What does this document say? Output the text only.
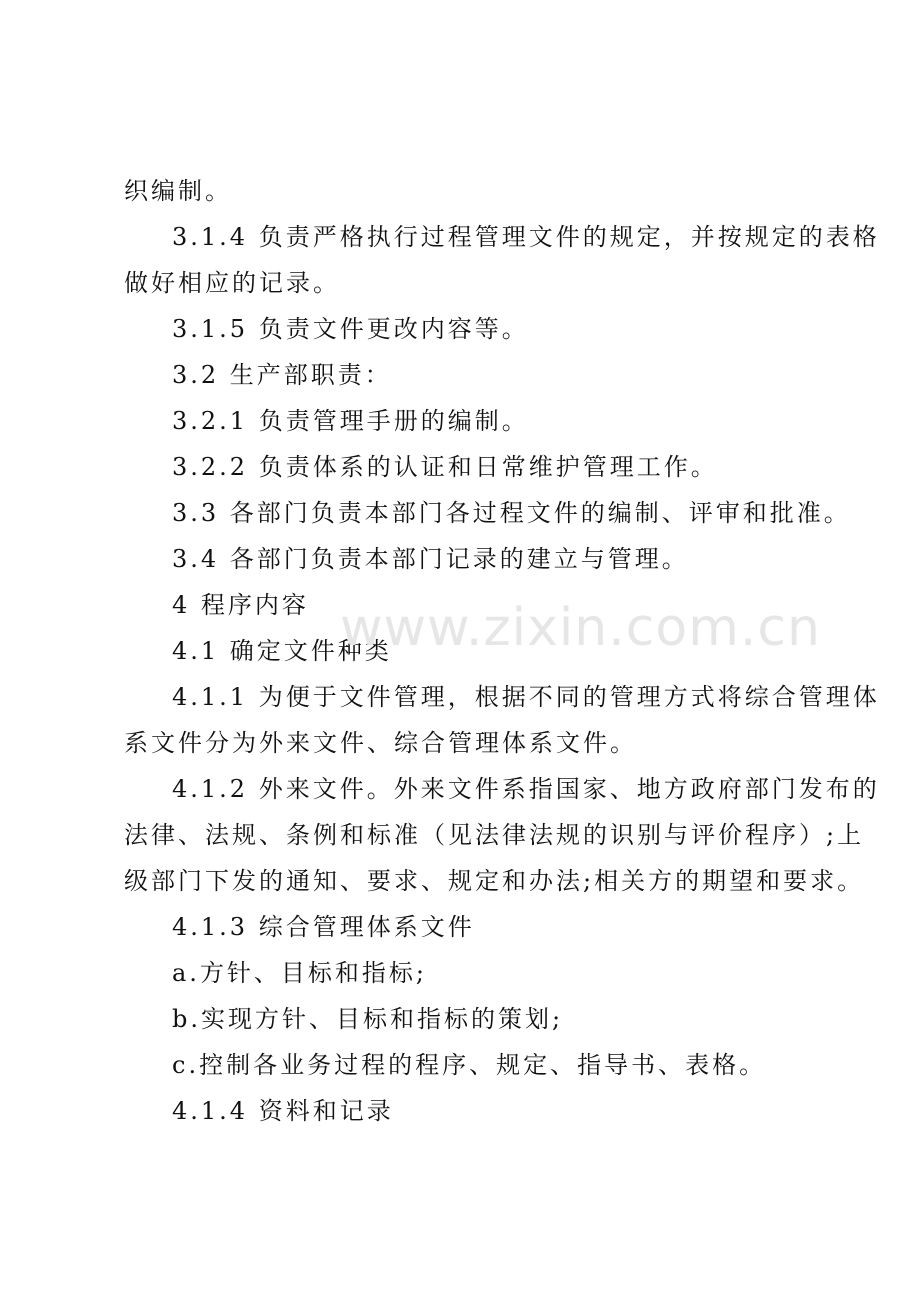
织编制。
3.1.4 负责严格执行过程管理文件的规定，并按规定的表格
做好相应的记录。
3.1.5 负责文件更改内容等。
3.2 生产部职责：
3.2.1 负责管理手册的编制。
3.2.2 负责体系的认证和日常维护管理工作。
3.3 各部门负责本部门各过程文件的编制、评审和批准。
3.4 各部门负责本部门记录的建立与管理。
4 程序内容
4.1 确定文件种类
4.1.1 为便于文件管理，根据不同的管理方式将综合管理体
系文件分为外来文件、综合管理体系文件。
4.1.2 外来文件。外来文件系指国家、地方政府部门发布的
法律、法规、条例和标准（见法律法规的识别与评价程序）;上
级部门下发的通知、要求、规定和办法;相关方的期望和要求。
4.1.3 综合管理体系文件
a.方针、目标和指标;
b.实现方针、目标和指标的策划;
c.控制各业务过程的程序、规定、指导书、表格。
4.1.4 资料和记录
www.zixin.com.cn
